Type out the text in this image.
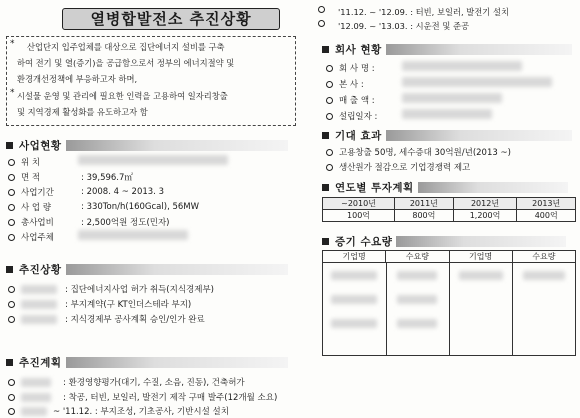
열병합발전소 추진상황
* 산업단지 입주업체를 대상으로 집단에너지 설비를 구축
하여 전기 및 열(증기)을 공급함으로서 정부의 에너지절약 및
환경개선정책에 부응하고자 하며,
* 시설물 운영 및 관리에 필요한 인력을 고용하여 일자리창출
및 지역경제 활성화를 유도하고자 함
사업현황
위 치
면 적	: 39,596.7㎡
사업기간	: 2008. 4 ~ 2013. 3
사 업 량	: 330Ton/h(160Gcal), 56MW
총사업비	: 2,500억원 정도(민자)
사업주체
추진상황
: 집단에너지사업 허가 취득(지식경제부)
: 부지계약(구 KT인더스테라 부지)
: 지식경제부 공사계획 승인/인가 완료
추진계획
: 환경영향평가(대기, 수질, 소음, 진동), 건축허가
: 착공, 터빈, 보일러, 발전기 제작 구매 발주(12개월 소요)
~ '11.12. : 부지조성, 기초공사, 기반시설 설치
'11.12. ~ '12.09. : 터빈, 보일러, 발전기 설치
'12.09. ~ '13.03. : 시운전 및 준공
회사 현황
회 사 명 :
본 사 :
매 출 액 :
설립일자 :
기대 효과
고용창출 50명, 세수증대 30억원/년(2013 ~)
생산원가 절감으로 기업경쟁력 제고
연도별 투자계획
~2010년	2011년	2012년	2013년
100억	800억	1,200억	400억
증기 수요량
기업명	수요량	기업명	수요량
